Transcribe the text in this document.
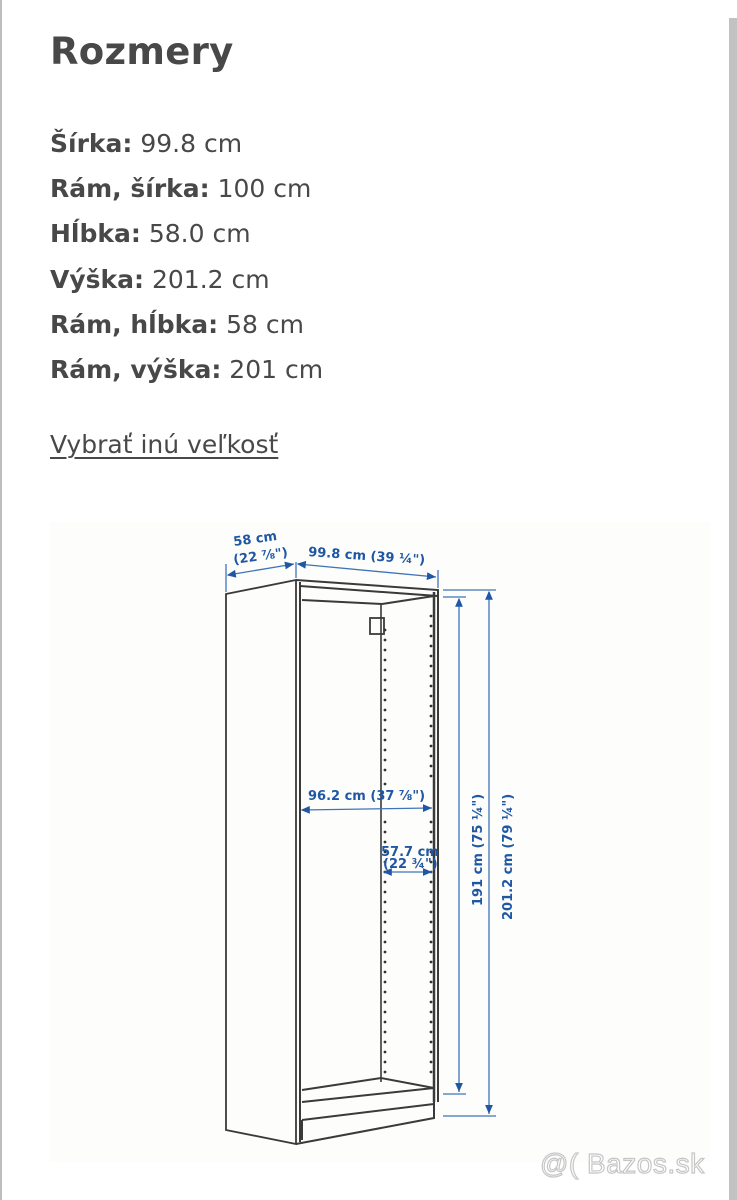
Rozmery
Šírka: 99.8 cm
Rám, šírka: 100 cm
Hĺbka: 58.0 cm
Výška: 201.2 cm
Rám, hĺbka: 58 cm
Rám, výška: 201 cm
Vybrať inú veľkosť
58 cm
(22 ⅞") 99.8 cm (39 ¼")
96.2 cm (37 ⅞")
57.7 cm
(22 ¾")	191 cm (75 ¼") 201.2 cm (79 ¼")
@( Bazos.sk
